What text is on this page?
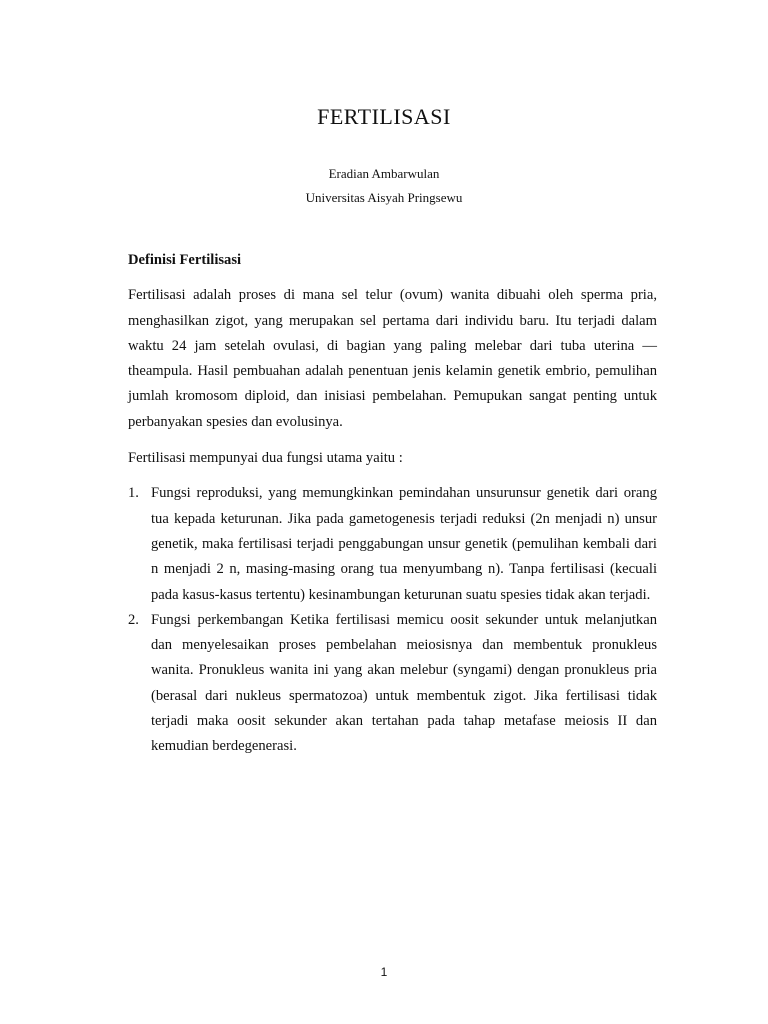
FERTILISASI
Eradian Ambarwulan
Universitas Aisyah Pringsewu
Definisi Fertilisasi

Fertilisasi adalah proses di mana sel telur (ovum) wanita dibuahi oleh sperma pria, menghasilkan zigot, yang merupakan sel pertama dari individu baru. Itu terjadi dalam waktu 24 jam setelah ovulasi, di bagian yang paling melebar dari tuba uterina —theampula. Hasil pembuahan adalah penentuan jenis kelamin genetik embrio, pemulihan jumlah kromosom diploid, dan inisiasi pembelahan. Pemupukan sangat penting untuk perbanyakan spesies dan evolusinya.

Fertilisasi mempunyai dua fungsi utama yaitu :

1. Fungsi reproduksi, yang memungkinkan pemindahan unsurunsur genetik dari orang tua kepada keturunan. Jika pada gametogenesis terjadi reduksi (2n menjadi n) unsur genetik, maka fertilisasi terjadi penggabungan unsur genetik (pemulihan kembali dari n menjadi 2 n, masing-masing orang tua menyumbang n). Tanpa fertilisasi (kecuali pada kasus-kasus tertentu) kesinambungan keturunan suatu spesies tidak akan terjadi.
2. Fungsi perkembangan Ketika fertilisasi memicu oosit sekunder untuk melanjutkan dan menyelesaikan proses pembelahan meiosisnya dan membentuk pronukleus wanita. Pronukleus wanita ini yang akan melebur (syngami) dengan pronukleus pria (berasal dari nukleus spermatozoa) untuk membentuk zigot. Jika fertilisasi tidak terjadi maka oosit sekunder akan tertahan pada tahap metafase meiosis II dan kemudian berdegenerasi.
1
